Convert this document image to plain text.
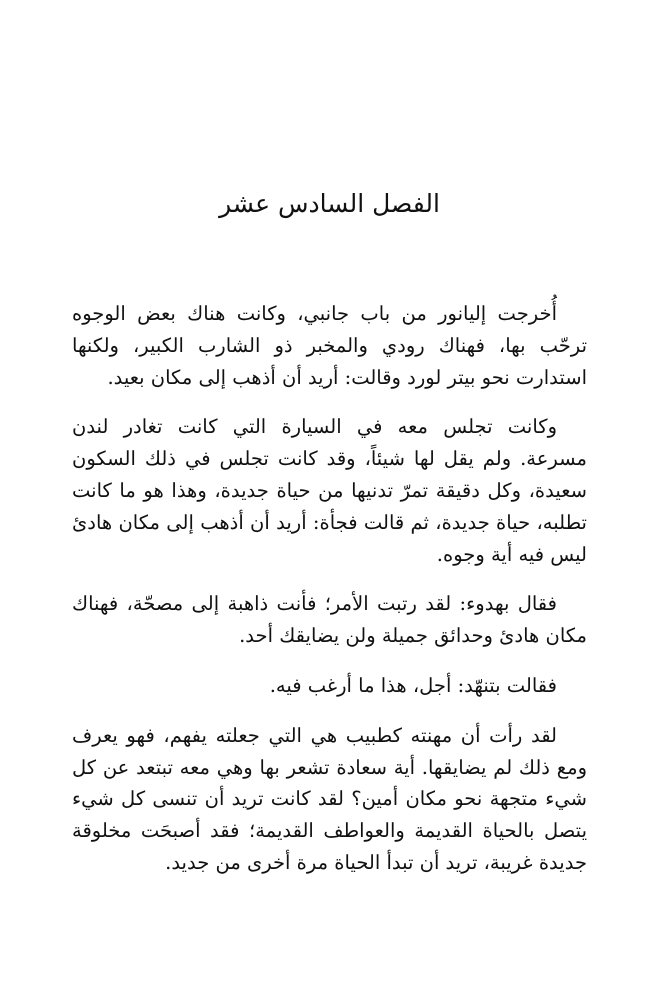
الفصل السادس عشر

أُخرجت إليانور من باب جانبي، وكانت هناك بعض الوجوه ترحّب بها، فهناك رودي والمخبر ذو الشارب الكبير، ولكنها استدارت نحو بيتر لورد وقالت: أريد أن أذهب إلى مكان بعيد.

وكانت تجلس معه في السيارة التي كانت تغادر لندن مسرعة. ولم يقل لها شيئاً، وقد كانت تجلس في ذلك السكون سعيدة، وكل دقيقة تمرّ تدنيها من حياة جديدة، وهذا هو ما كانت تطلبه، حياة جديدة، ثم قالت فجأة: أريد أن أذهب إلى مكان هادئ ليس فيه أية وجوه.

فقال بهدوء: لقد رتبت الأمر؛ فأنت ذاهبة إلى مصحّة، فهناك مكان هادئ وحدائق جميلة ولن يضايقك أحد.

فقالت بتنهّد: أجل، هذا ما أرغب فيه.

لقد رأت أن مهنته كطبيب هي التي جعلته يفهم، فهو يعرف ومع ذلك لم يضايقها. أية سعادة تشعر بها وهي معه تبتعد عن كل شيء متجهة نحو مكان أمين؟ لقد كانت تريد أن تنسى كل شيء يتصل بالحياة القديمة والعواطف القديمة؛ فقد أصبحَت مخلوقة جديدة غريبة، تريد أن تبدأ الحياة مرة أخرى من جديد.
